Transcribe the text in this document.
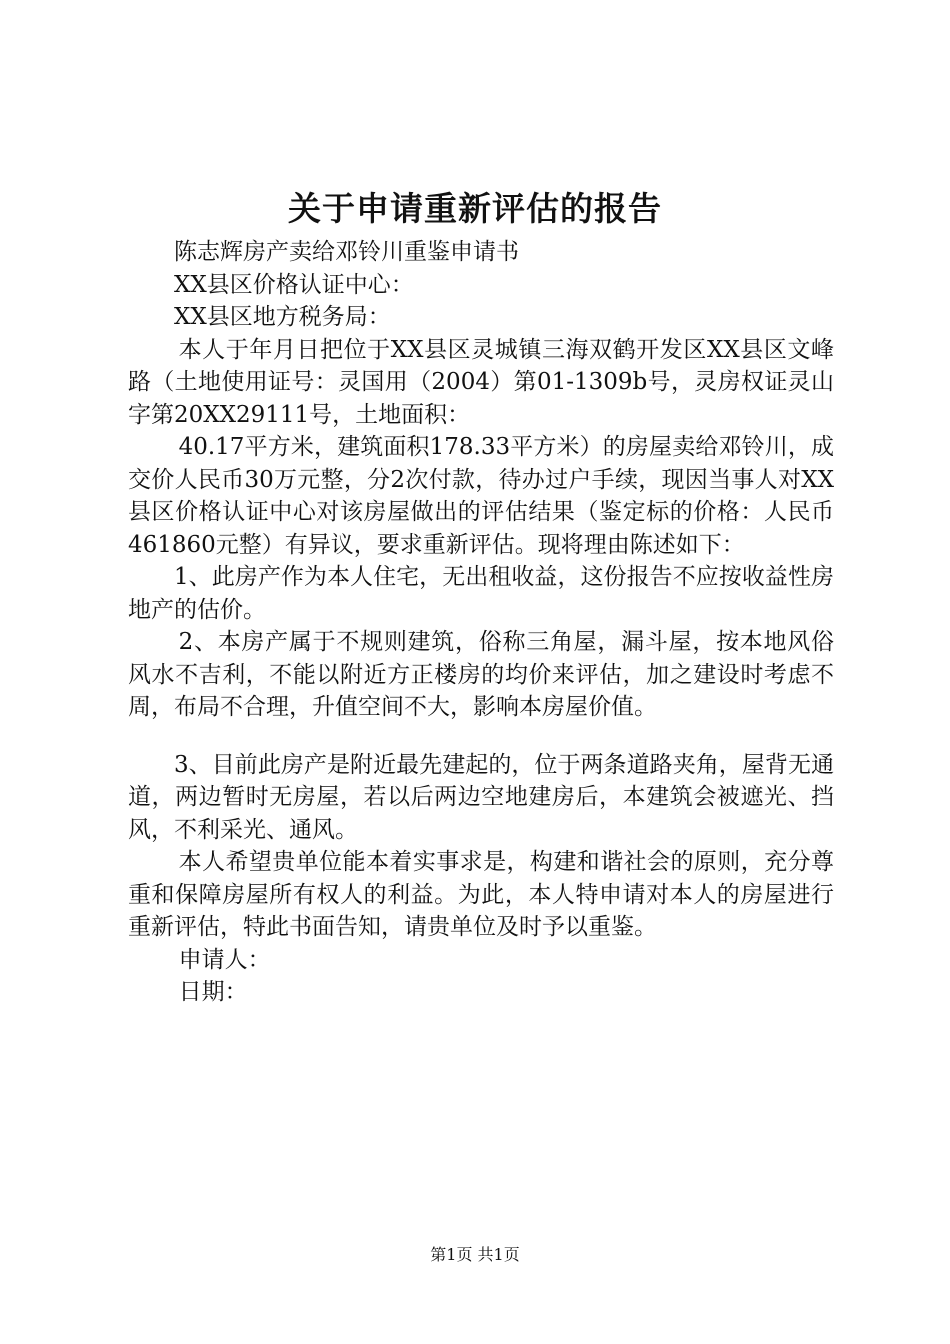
关于申请重新评估的报告

陈志辉房产卖给邓铃川重鉴申请书

XX县区价格认证中心：

XX县区地方税务局：

本人于年月日把位于XX县区灵城镇三海双鹤开发区XX县区文峰路（土地使用证号：灵国用（2004）第01-1309b号，灵房权证灵山字第20XX29111号，土地面积：

40.17平方米，建筑面积178.33平方米）的房屋卖给邓铃川，成交价人民币30万元整，分2次付款，待办过户手续，现因当事人对XX县区价格认证中心对该房屋做出的评估结果（鉴定标的价格：人民币461860元整）有异议，要求重新评估。现将理由陈述如下：

1、此房产作为本人住宅，无出租收益，这份报告不应按收益性房地产的估价。

2、本房产属于不规则建筑，俗称三角屋，漏斗屋，按本地风俗风水不吉利，不能以附近方正楼房的均价来评估，加之建设时考虑不周，布局不合理，升值空间不大，影响本房屋价值。

3、目前此房产是附近最先建起的，位于两条道路夹角，屋背无通道，两边暂时无房屋，若以后两边空地建房后，本建筑会被遮光、挡风，不利采光、通风。

本人希望贵单位能本着实事求是，构建和谐社会的原则，充分尊重和保障房屋所有权人的利益。为此，本人特申请对本人的房屋进行重新评估，特此书面告知，请贵单位及时予以重鉴。

申请人：

日期：

第1页 共1页
